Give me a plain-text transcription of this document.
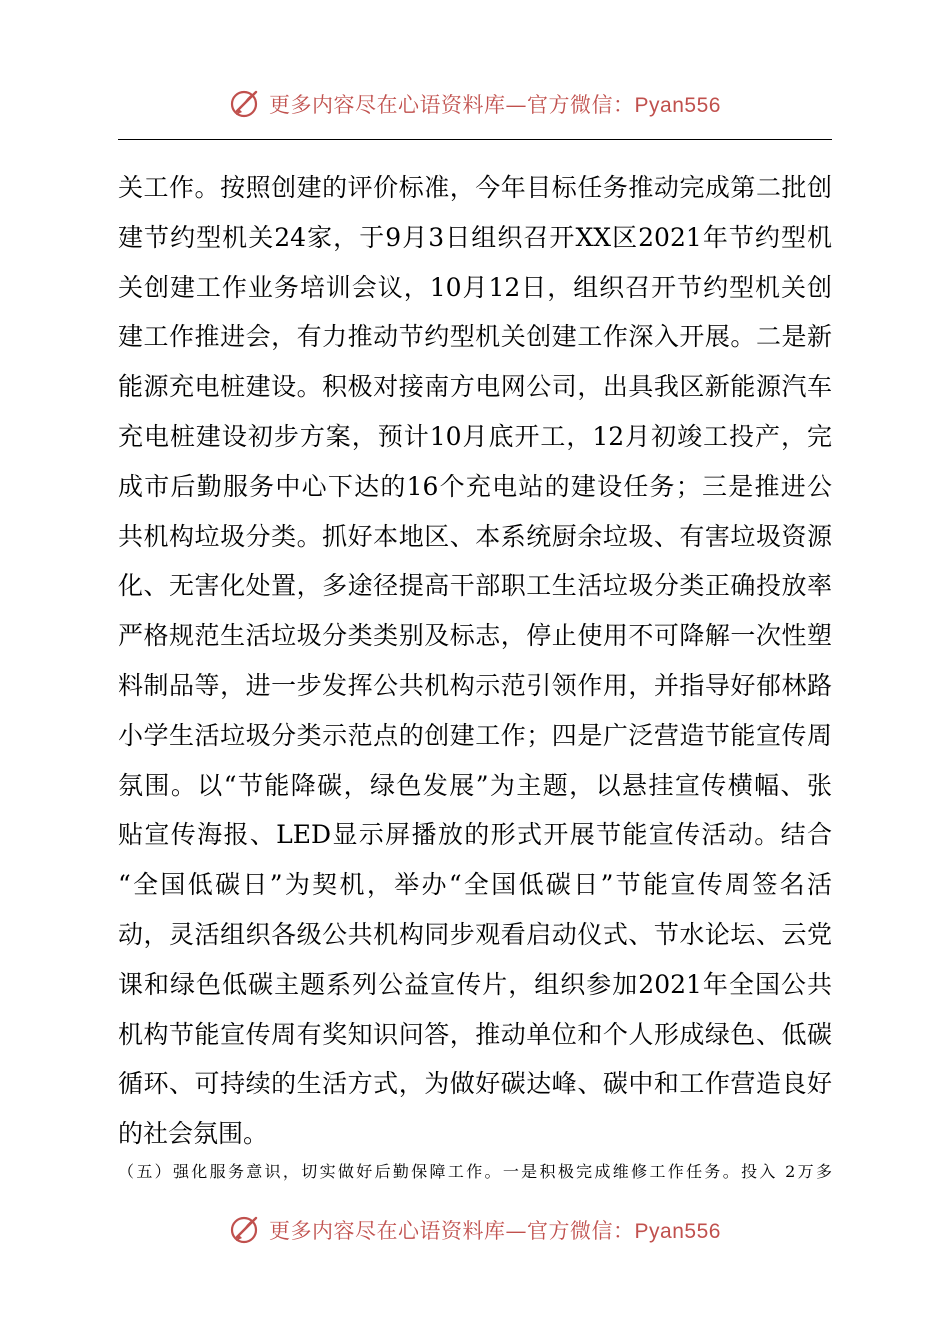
更多内容尽在心语资料库—官方微信：Pyan556
关工作。按照创建的评价标准，今年目标任务推动完成第二批创
建节约型机关24家，于9月3日组织召开XX区2021年节约型机
关创建工作业务培训会议，10月12日，组织召开节约型机关创
建工作推进会，有力推动节约型机关创建工作深入开展。二是新
能源充电桩建设。积极对接南方电网公司，出具我区新能源汽车
充电桩建设初步方案，预计10月底开工，12月初竣工投产，完
成市后勤服务中心下达的16个充电站的建设任务；三是推进公
共机构垃圾分类。抓好本地区、本系统厨余垃圾、有害垃圾资源
化、无害化处置，多途径提高干部职工生活垃圾分类正确投放率
严格规范生活垃圾分类类别及标志，停止使用不可降解一次性塑
料制品等，进一步发挥公共机构示范引领作用，并指导好郁林路
小学生活垃圾分类示范点的创建工作；四是广泛营造节能宣传周
氛围。以“节能降碳，绿色发展”为主题，以悬挂宣传横幅、张
贴宣传海报、LED显示屏播放的形式开展节能宣传活动。结合
“全国低碳日”为契机，举办“全国低碳日”节能宣传周签名活
动，灵活组织各级公共机构同步观看启动仪式、节水论坛、云党
课和绿色低碳主题系列公益宣传片，组织参加2021年全国公共
机构节能宣传周有奖知识问答，推动单位和个人形成绿色、低碳
循环、可持续的生活方式，为做好碳达峰、碳中和工作营造良好
的社会氛围。
（五）强化服务意识，切实做好后勤保障工作。一是积极完成维修工作任务。投入 2万多
更多内容尽在心语资料库—官方微信：Pyan556
